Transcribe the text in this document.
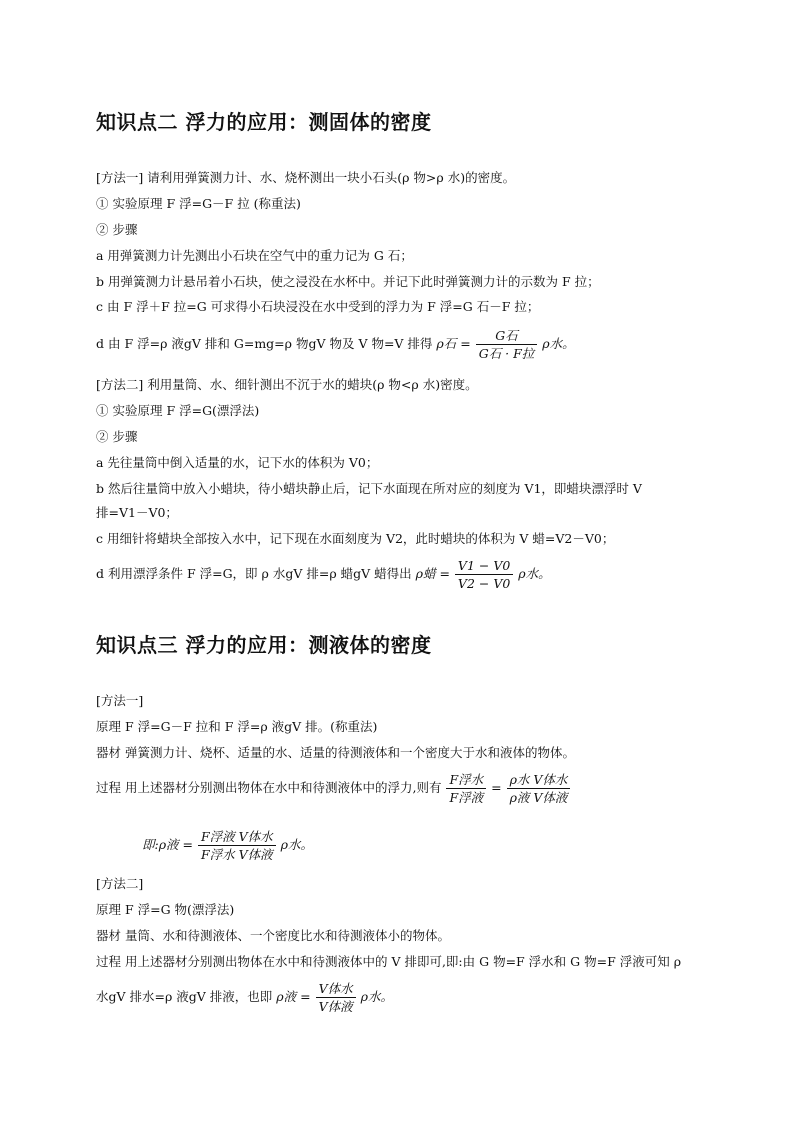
知识点二 浮力的应用：测固体的密度
[方法一] 请利用弹簧测力计、水、烧杯测出一块小石头(ρ 物>ρ 水)的密度。
① 实验原理 F 浮=G－F 拉 (称重法)
② 步骤
a 用弹簧测力计先测出小石块在空气中的重力记为 G 石；
b 用弹簧测力计悬吊着小石块，使之浸没在水杯中。并记下此时弹簧测力计的示数为 F 拉；
c 由 F 浮＋F 拉=G 可求得小石块浸没在水中受到的浮力为 F 浮=G 石－F 拉；
d 由 F 浮=ρ 液gV 排和 G=mg=ρ 物gV 物及 V 物=V 排得 ρ石 = $\frac{\text{G石}}{\text{G石 · F拉}}$ ρ水。
[方法二] 利用量筒、水、细针测出不沉于水的蜡块(ρ 物<ρ 水)密度。
① 实验原理 F 浮=G(漂浮法)
② 步骤
a 先往量筒中倒入适量的水，记下水的体积为 V0；
b 然后往量筒中放入小蜡块，待小蜡块静止后，记下水面现在所对应的刻度为 V1，即蜡块漂浮时 V
排=V1－V0；
c 用细针将蜡块全部按入水中，记下现在水面刻度为 V2，此时蜡块的体积为 V 蜡=V2－V0；
d 利用漂浮条件 F 浮=G，即 ρ 水gV 排=ρ 蜡gV 蜡得出 ρ蜡 = $\frac{V1 - V0}{V2 - V0}$ ρ水。
知识点三 浮力的应用：测液体的密度
[方法一]
原理 F 浮=G－F 拉和 F 浮=ρ 液gV 排。(称重法)
器材 弹簧测力计、烧杯、适量的水、适量的待测液体和一个密度大于水和液体的物体。
过程 用上述器材分别测出物体在水中和待测液体中的浮力,则有 $\frac{\text{F浮水}}{\text{F浮液}} = \frac{\text{ρ水 V体水}}{\text{ρ液 V体液}}$
即:ρ液 = $\frac{\text{F浮液 V体水}}{\text{F浮水 V体液}}$ ρ水。
[方法二]
原理 F 浮=G 物(漂浮法)
器材 量筒、水和待测液体、一个密度比水和待测液体小的物体。
过程 用上述器材分别测出物体在水中和待测液体中的 V 排即可,即:由 G 物=F 浮水和 G 物=F 浮液可知 ρ
水gV 排水=ρ 液gV 排液，也即 ρ液 = $\frac{\text{V体水}}{\text{V体液}}$ ρ水。
